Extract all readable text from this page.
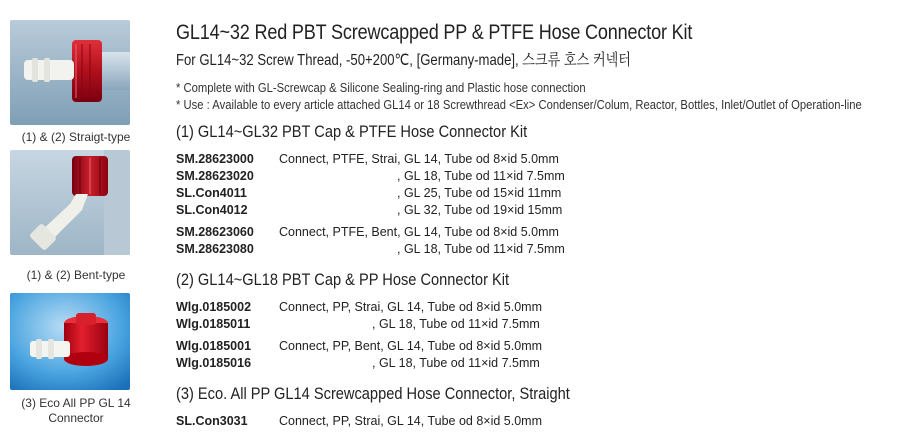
(1) & (2) Straigt-type
(1) & (2) Bent-type
(3) Eco All PP GL 14
Connector
GL14~32 Red PBT Screwcapped PP & PTFE Hose Connector Kit
For GL14~32 Screw Thread, -50+200℃, [Germany-made], 스크류 호스 커넥터
* Complete with GL-Screwcap & Silicone Sealing-ring and Plastic hose connection
* Use : Available to every article attached GL14 or 18 Screwthread <Ex> Condenser/Colum, Reactor, Bottles, Inlet/Outlet of Operation-line
(1) GL14~GL32 PBT Cap & PTFE Hose Connector Kit
SM.28623000 Connect, PTFE, Strai, GL 14, Tube od 8×id 5.0mm
SM.28623020	, GL 18, Tube od 11×id 7.5mm
SL.Con4011	, GL 25, Tube od 15×id 11mm
SL.Con4012	, GL 32, Tube od 19×id 15mm
SM.28623060 Connect, PTFE, Bent, GL 14, Tube od 8×id 5.0mm
SM.28623080	, GL 18, Tube od 11×id 7.5mm
(2) GL14~GL18 PBT Cap & PP Hose Connector Kit
Wlg.0185002 Connect, PP, Strai, GL 14, Tube od 8×id 5.0mm
Wlg.0185011	, GL 18, Tube od 11×id 7.5mm
Wlg.0185001 Connect, PP, Bent, GL 14, Tube od 8×id 5.0mm
Wlg.0185016	, GL 18, Tube od 11×id 7.5mm
(3) Eco. All PP GL14 Screwcapped Hose Connector, Straight
SL.Con3031	Connect, PP, Strai, GL 14, Tube od 8×id 5.0mm
